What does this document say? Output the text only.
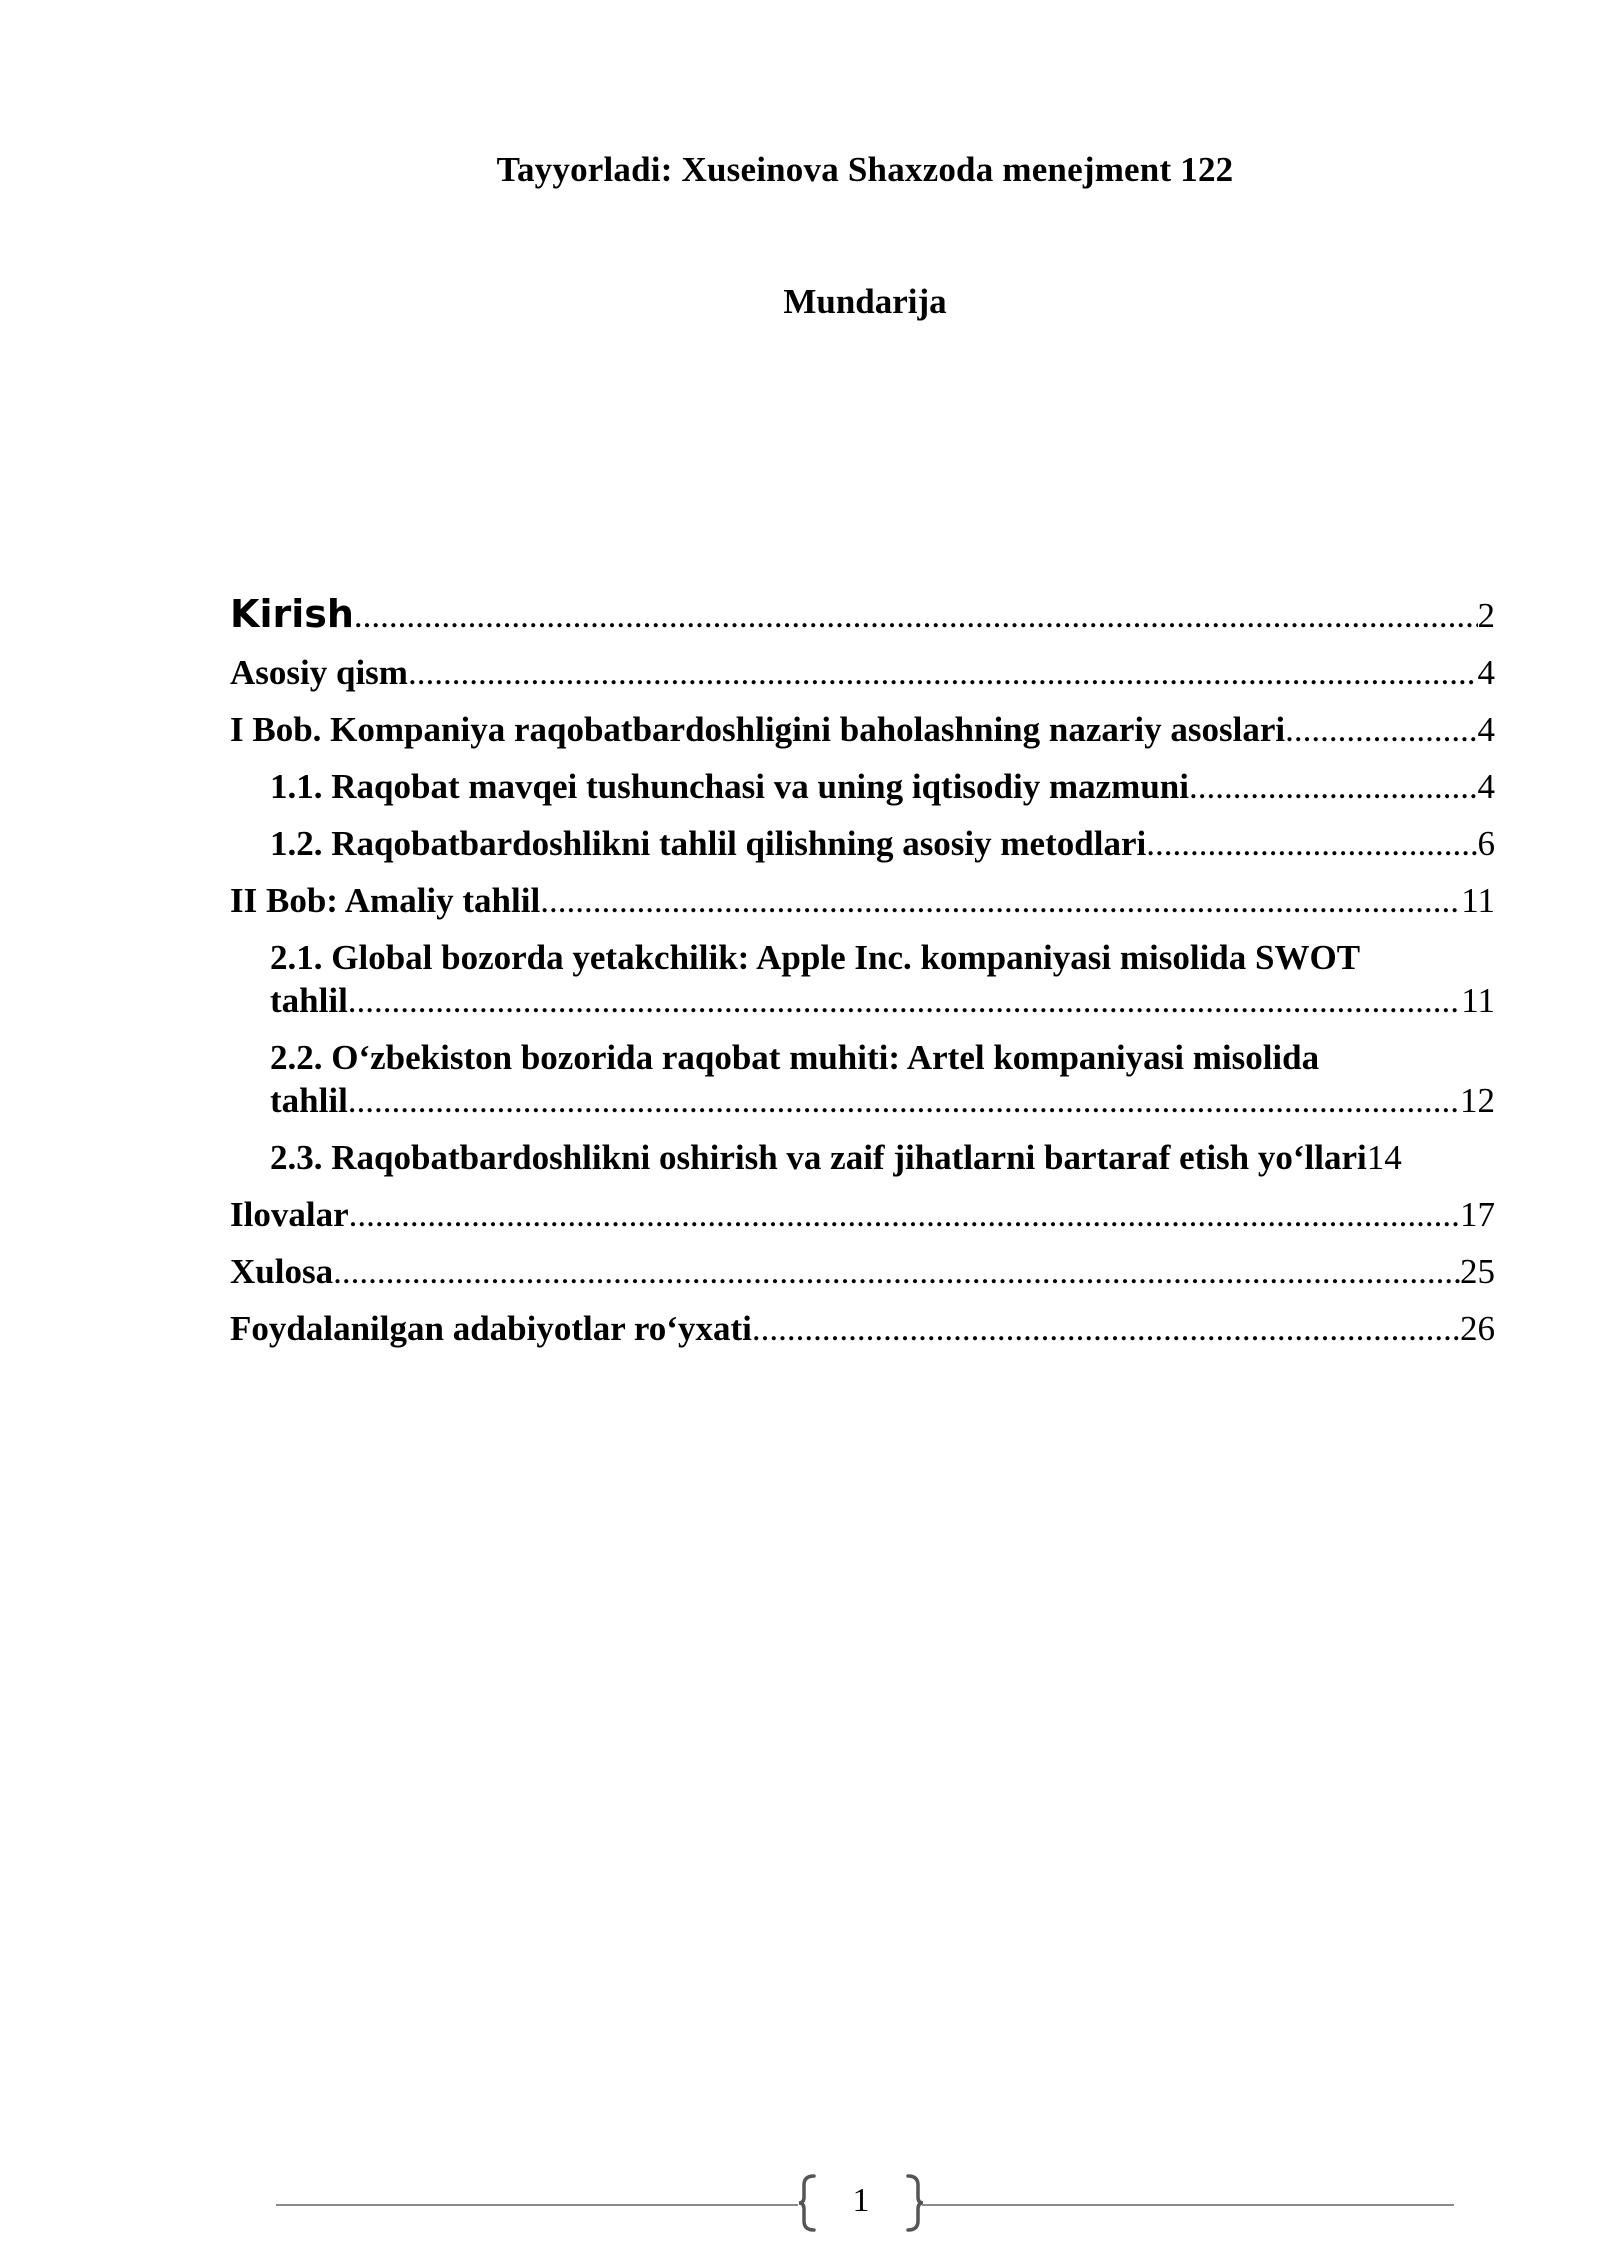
Tayyorladi: Xuseinova Shaxzoda menejment 122
Mundarija
Kirish .....	2
Asosiy qism .....	4
I Bob. Kompaniya raqobatbardoshligini baholashning nazariy asoslari .....	4
1.1. Raqobat mavqei tushunchasi va uning iqtisodiy mazmuni .....	4
1.2. Raqobatbardoshlikni tahlil qilishning asosiy metodlari .....	6
II Bob: Amaliy tahlil .....	11
2.1. Global bozorda yetakchilik: Apple Inc. kompaniyasi misolida SWOT
tahlil .....	11
2.2. O‘zbekiston bozorida raqobat muhiti: Artel kompaniyasi misolida
tahlil .....	12
2.3. Raqobatbardoshlikni oshirish va zaif jihatlarni bartaraf etish yo‘llari 14
Ilovalar .....	17
Xulosa .....	25
Foydalanilgan adabiyotlar ro‘yxati .....	26
1
